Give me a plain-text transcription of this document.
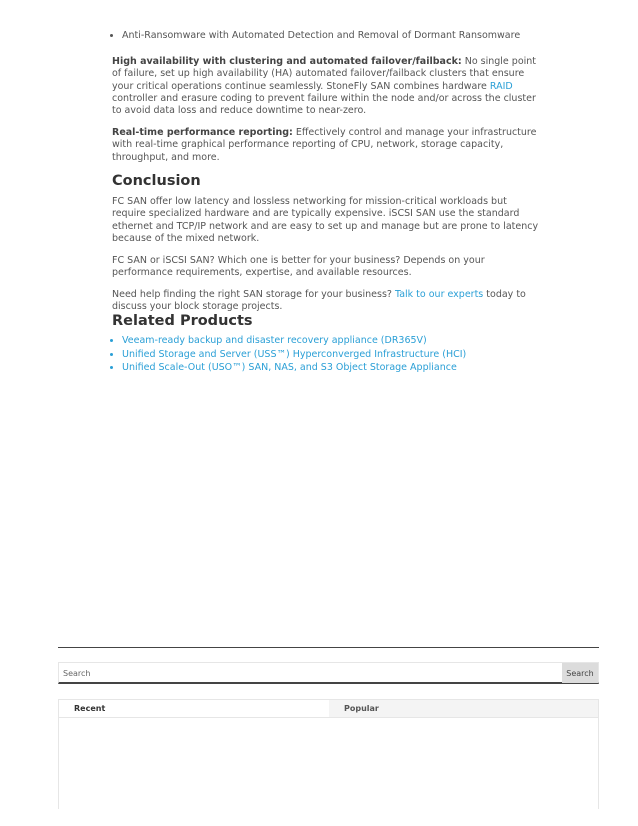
• Anti-Ransomware with Automated Detection and Removal of Dormant Ransomware

High availability with clustering and automated failover/failback: No single point of failure, set up high availability (HA) automated failover/failback clusters that ensure your critical operations continue seamlessly. StoneFly SAN combines hardware RAID controller and erasure coding to prevent failure within the node and/or across the cluster to avoid data loss and reduce downtime to near-zero.

Real-time performance reporting: Effectively control and manage your infrastructure with real-time graphical performance reporting of CPU, network, storage capacity, throughput, and more.

Conclusion

FC SAN offer low latency and lossless networking for mission-critical workloads but require specialized hardware and are typically expensive. iSCSI SAN use the standard ethernet and TCP/IP network and are easy to set up and manage but are prone to latency because of the mixed network.

FC SAN or iSCSI SAN? Which one is better for your business? Depends on your performance requirements, expertise, and available resources.

Need help finding the right SAN storage for your business? Talk to our experts today to discuss your block storage projects.

Related Products
• Veeam-ready backup and disaster recovery appliance (DR365V)
• Unified Storage and Server (USS™) Hyperconverged Infrastructure (HCI)
• Unified Scale-Out (USO™) SAN, NAS, and S3 Object Storage Appliance
Search
Search
Recent	Popular
